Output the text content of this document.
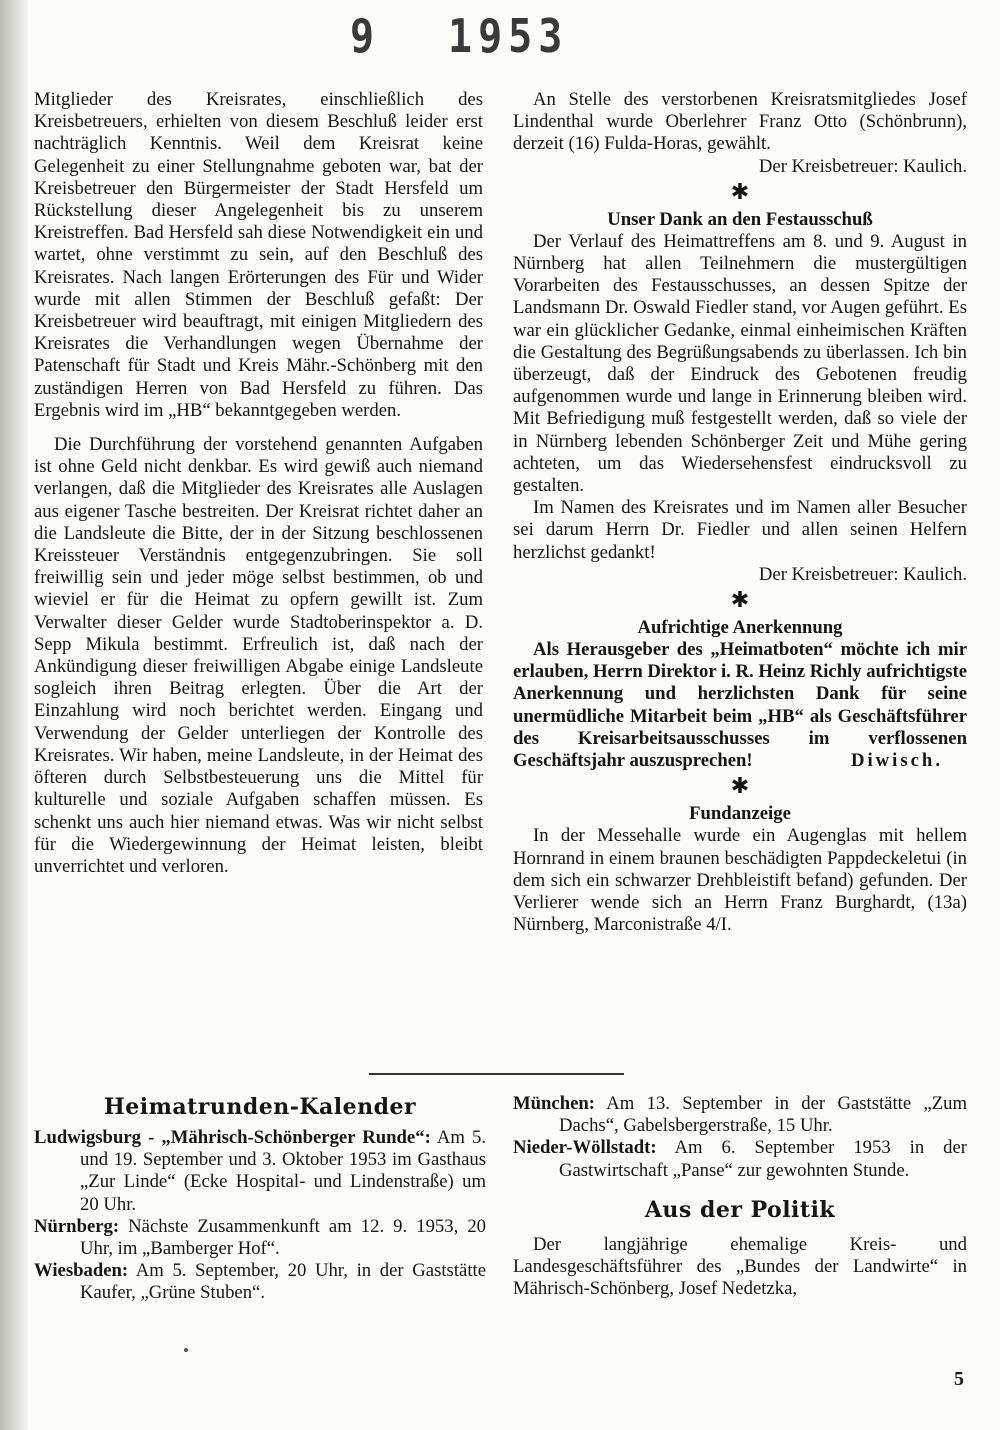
9 1953

Mitglieder des Kreisrates, einschließlich des Kreisbetreuers, erhielten von diesem Beschluß leider erst nachträglich Kenntnis. Weil dem Kreisrat keine Gelegenheit zu einer Stellungnahme geboten war, bat der Kreisbetreuer den Bürgermeister der Stadt Hersfeld um Rückstellung dieser Angelegenheit bis zu unserem Kreistreffen. Bad Hersfeld sah diese Notwendigkeit ein und wartet, ohne verstimmt zu sein, auf den Beschluß des Kreisrates. Nach langen Erörterungen des Für und Wider wurde mit allen Stimmen der Beschluß gefaßt: Der Kreisbetreuer wird beauftragt, mit einigen Mitgliedern des Kreisrates die Verhandlungen wegen Übernahme der Patenschaft für Stadt und Kreis Mähr.-Schönberg mit den zuständigen Herren von Bad Hersfeld zu führen. Das Ergebnis wird im „HB“ bekanntgegeben werden.

Die Durchführung der vorstehend genannten Aufgaben ist ohne Geld nicht denkbar. Es wird gewiß auch niemand verlangen, daß die Mitglieder des Kreisrates alle Auslagen aus eigener Tasche bestreiten. Der Kreisrat richtet daher an die Landsleute die Bitte, der in der Sitzung beschlossenen Kreissteuer Verständnis entgegenzubringen. Sie soll freiwillig sein und jeder möge selbst bestimmen, ob und wieviel er für die Heimat zu opfern gewillt ist. Zum Verwalter dieser Gelder wurde Stadtoberinspektor a. D. Sepp Mikula bestimmt. Erfreulich ist, daß nach der Ankündigung dieser freiwilligen Abgabe einige Landsleute sogleich ihren Beitrag erlegten. Über die Art der Einzahlung wird noch berichtet werden. Eingang und Verwendung der Gelder unterliegen der Kontrolle des Kreisrates. Wir haben, meine Landsleute, in der Heimat des öfteren durch Selbstbesteuerung uns die Mittel für kulturelle und soziale Aufgaben schaffen müssen. Es schenkt uns auch hier niemand etwas. Was wir nicht selbst für die Wiedergewinnung der Heimat leisten, bleibt unverrichtet und verloren.

An Stelle des verstorbenen Kreisratsmitgliedes Josef Lindenthal wurde Oberlehrer Franz Otto (Schönbrunn), derzeit (16) Fulda-Horas, gewählt.

Der Kreisbetreuer: Kaulich.

✱
Unser Dank an den Festausschuß

Der Verlauf des Heimattreffens am 8. und 9. August in Nürnberg hat allen Teilnehmern die mustergültigen Vorarbeiten des Festausschusses, an dessen Spitze der Landsmann Dr. Oswald Fiedler stand, vor Augen geführt. Es war ein glücklicher Gedanke, einmal einheimischen Kräften die Gestaltung des Begrüßungsabends zu überlassen. Ich bin überzeugt, daß der Eindruck des Gebotenen freudig aufgenommen wurde und lange in Erinnerung bleiben wird. Mit Befriedigung muß festgestellt werden, daß so viele der in Nürnberg lebenden Schönberger Zeit und Mühe gering achteten, um das Wiedersehensfest eindrucksvoll zu gestalten.

Im Namen des Kreisrates und im Namen aller Besucher sei darum Herrn Dr. Fiedler und allen seinen Helfern herzlichst gedankt!

Der Kreisbetreuer: Kaulich.

✱
Aufrichtige Anerkennung

Als Herausgeber des „Heimatboten“ möchte ich mir erlauben, Herrn Direktor i. R. Heinz Richly aufrichtigste Anerkennung und herzlichsten Dank für seine unermüdliche Mitarbeit beim „HB“ als Geschäftsführer des Kreisarbeitsausschusses im verflossenen Geschäftsjahr auszusprechen!	Diwisch.

✱
Fundanzeige

In der Messehalle wurde ein Augenglas mit hellem Hornrand in einem braunen beschädigten Pappdeckeletui (in dem sich ein schwarzer Drehbleistift befand) gefunden. Der Verlierer wende sich an Herrn Franz Burghardt, (13a) Nürnberg, Marconistraße 4/I.

Heimatrunden-Kalender

Ludwigsburg - „Mährisch-Schönberger Runde“: Am 5. und 19. September und 3. Oktober 1953 im Gasthaus „Zur Linde“ (Ecke Hospital- und Lindenstraße) um 20 Uhr.

Nürnberg: Nächste Zusammenkunft am 12. 9. 1953, 20 Uhr, im „Bamberger Hof“.

Wiesbaden: Am 5. September, 20 Uhr, in der Gaststätte Kaufer, „Grüne Stuben“.

München: Am 13. September in der Gaststätte „Zum Dachs“, Gabelsbergerstraße, 15 Uhr.

Nieder-Wöllstadt: Am 6. September 1953 in der Gastwirtschaft „Panse“ zur gewohnten Stunde.

Aus der Politik

Der langjährige ehemalige Kreis- und Landesgeschäftsführer des „Bundes der Landwirte“ in Mährisch-Schönberg, Josef Nedetzka,

5
